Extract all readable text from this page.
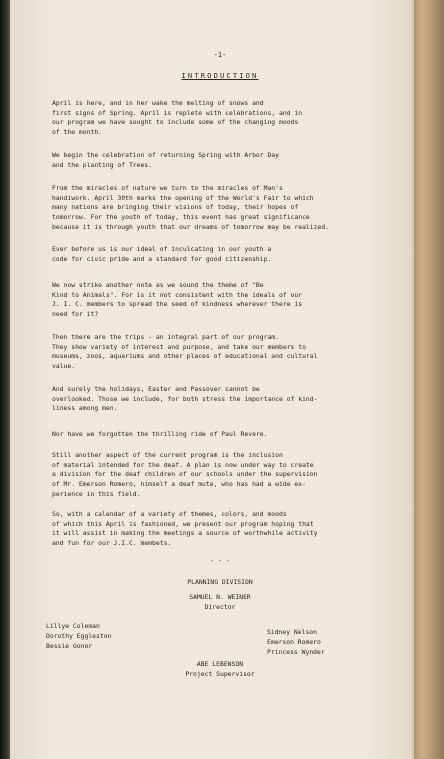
-1-
INTRODUCTION

April is here, and in her wake the melting of snows and
first signs of Spring. April is replete with celebrations, and in
our program we have sought to include some of the changing moods
of the month.

We begin the celebration of returning Spring with Arbor Day
and the planting of Trees.

From the miracles of nature we turn to the miracles of Man's
handiwork. April 30th marks the opening of the World's Fair to which
many nations are bringing their visions of today, their hopes of
tomorrow. For the youth of today, this event has great significance
because it is through youth that our dreams of tomorrow may be realized.

Ever before us is our ideal of inculcating in our youth a
code for civic pride and a standard for good citizenship.

We now strike another note as we sound the theme of "Be
Kind to Animals". For is it not consistent with the ideals of our
J. I. C. members to spread the seed of kindness wherever there is
need for it?

Then there are the trips - an integral part of our program.
They show variety of interest and purpose, and take our members to
museums, zoos, aquariums and other places of educational and cultural
value.

And surely the holidays, Easter and Passover cannot be
overlooked. Those we include, for both stress the importance of kind-
liness among men.

Nor have we forgotten the thrilling ride of Paul Revere.

Still another aspect of the current program is the inclusion
of material intended for the deaf. A plan is now under way to create
a division for the deaf children of our schools under the supervision
of Mr. Emerson Romero, himself a deaf mute, who has had a wide ex-
perience in this field.

So, with a calendar of a variety of themes, colors, and moods
of which this April is fashioned, we present our program hoping that
it will assist in making the meetings a source of worthwhile activity
and fun for our J.I.C. membets.

- - -
PLANNING DIVISION
SAMUEL N. WEINER
Director
Lillye Coleman
Dorothy Eggleston
Bessie Gonor
Sidney Nelson
Emerson Romero
Princess Wynder
ABE LEBENSON
Project Supervisor
